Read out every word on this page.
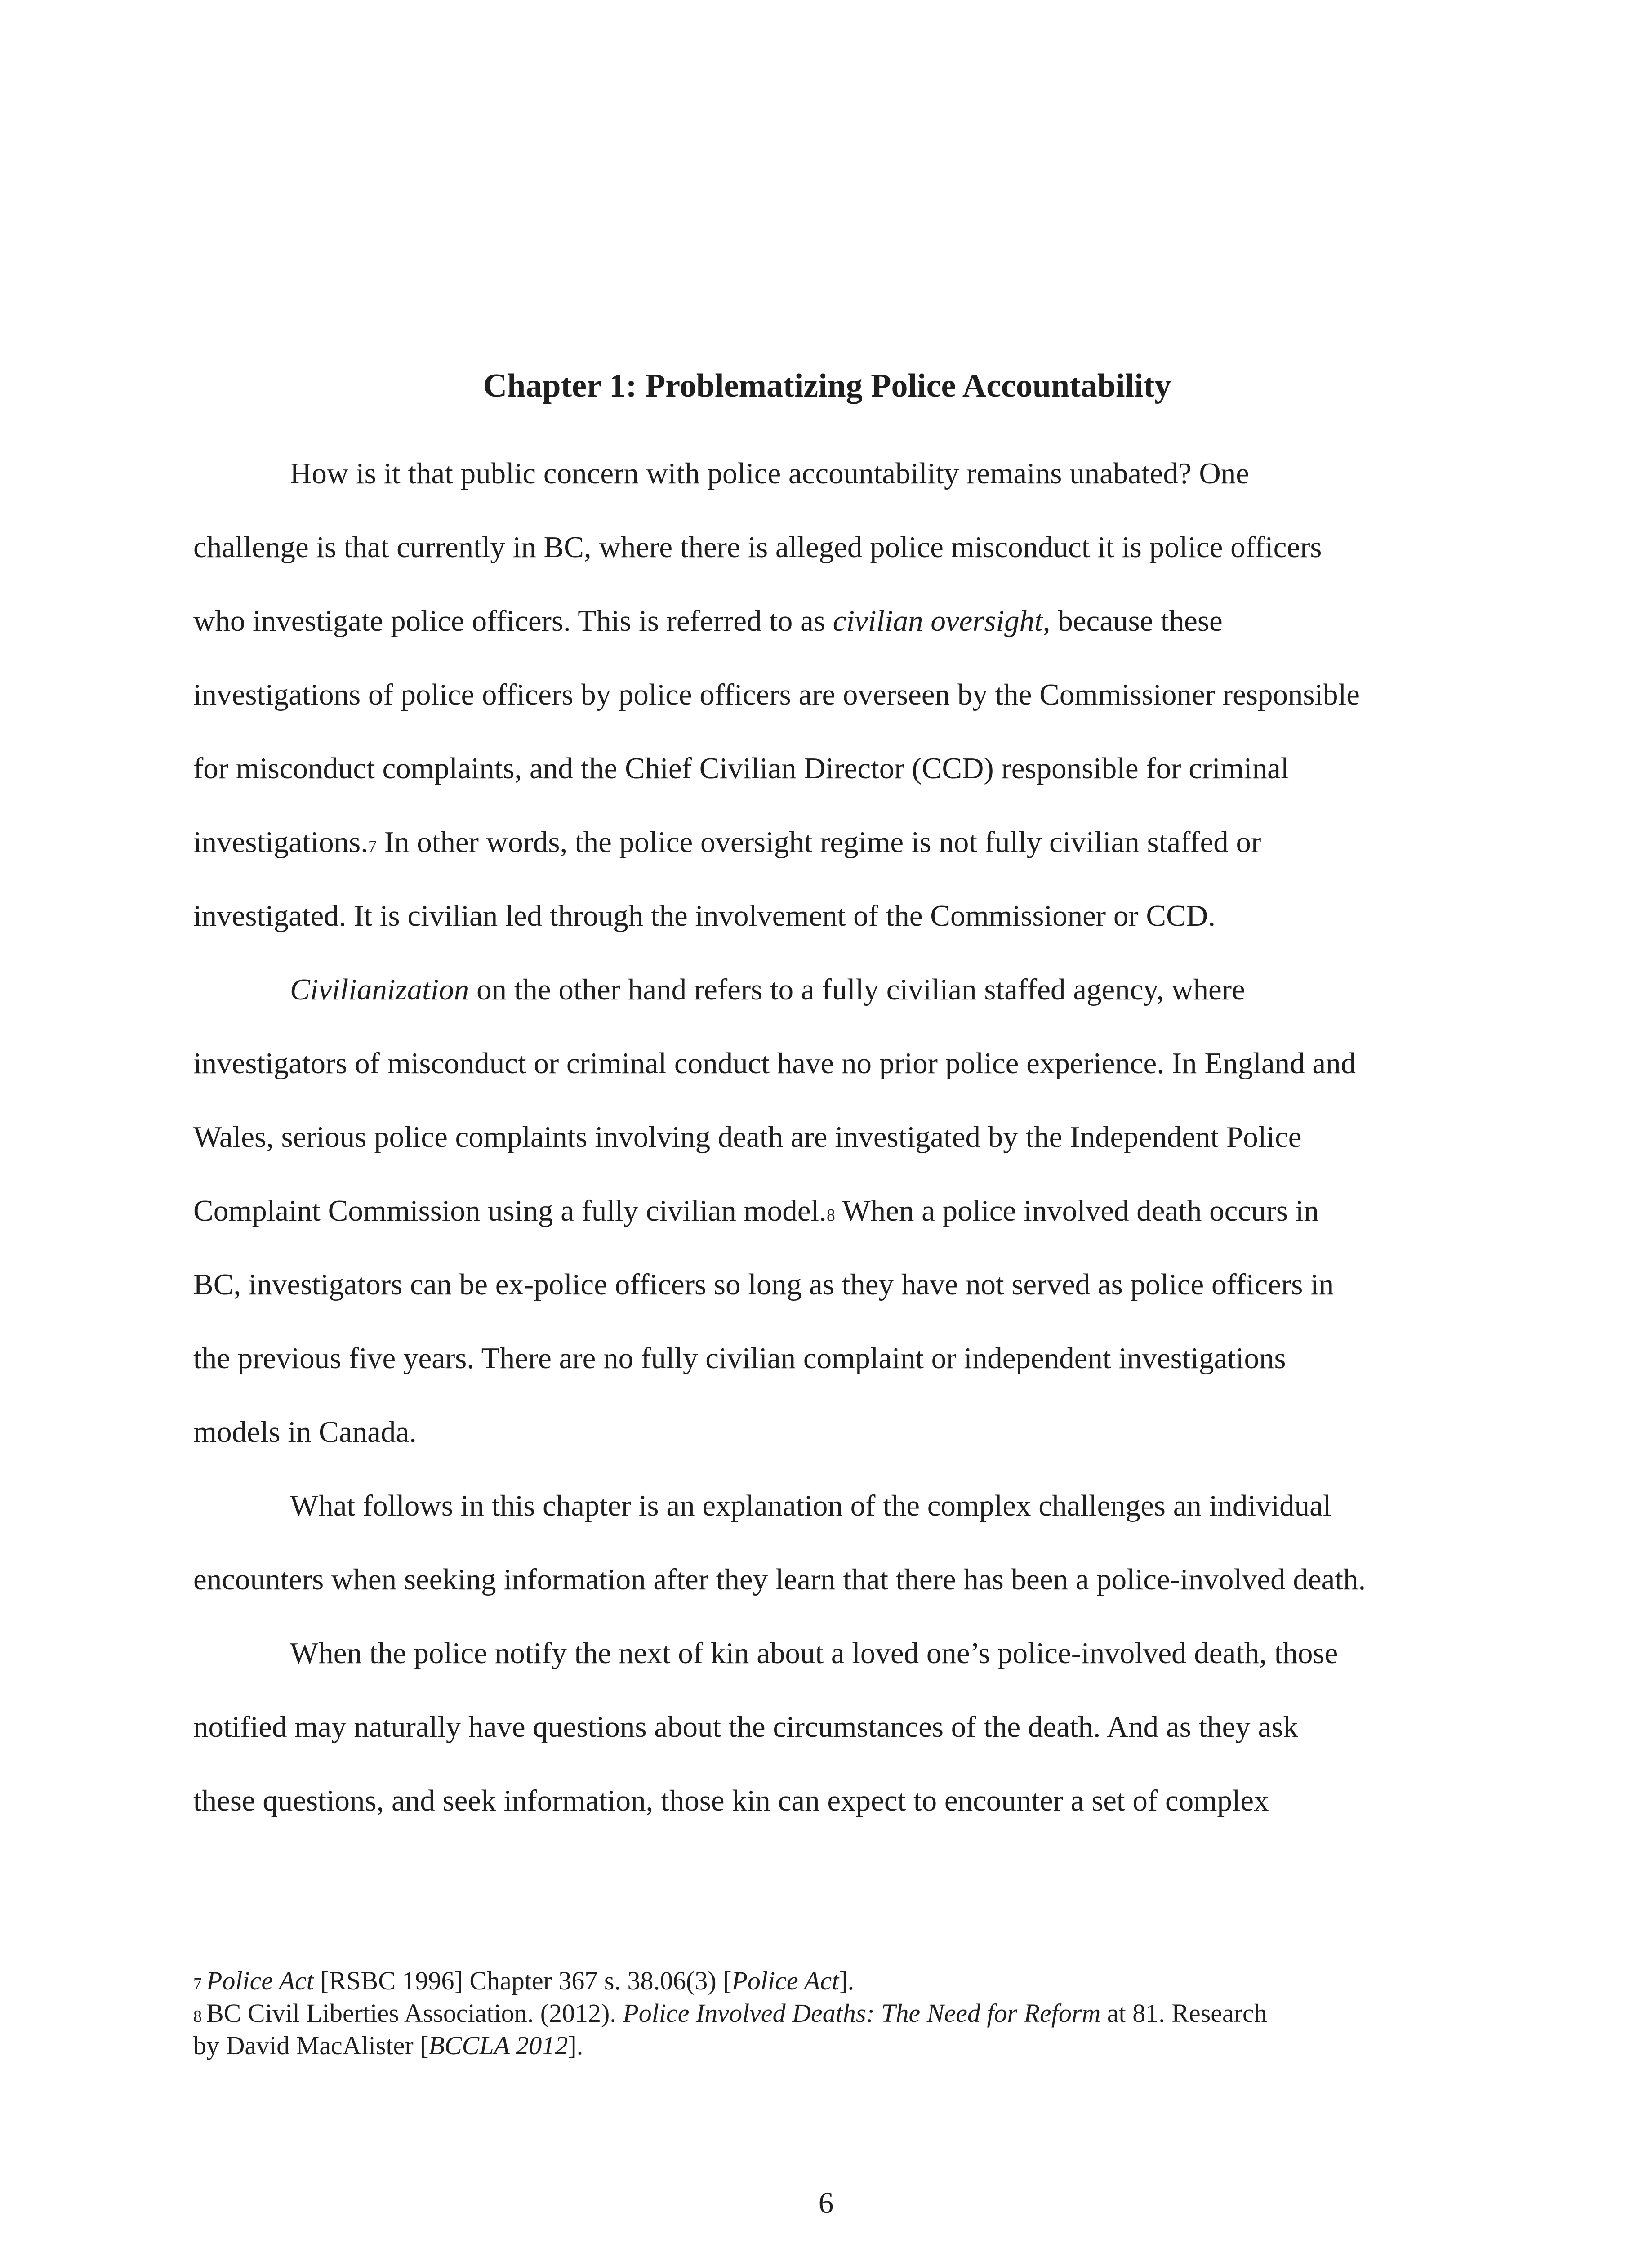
Chapter 1: Problematizing Police Accountability
How is it that public concern with police accountability remains unabated? One
challenge is that currently in BC, where there is alleged police misconduct it is police officers
who investigate police officers. This is referred to as civilian oversight, because these
investigations of police officers by police officers are overseen by the Commissioner responsible
for misconduct complaints, and the Chief Civilian Director (CCD) responsible for criminal
investigations.7 In other words, the police oversight regime is not fully civilian staffed or
investigated. It is civilian led through the involvement of the Commissioner or CCD.
Civilianization on the other hand refers to a fully civilian staffed agency, where
investigators of misconduct or criminal conduct have no prior police experience. In England and
Wales, serious police complaints involving death are investigated by the Independent Police
Complaint Commission using a fully civilian model.8 When a police involved death occurs in
BC, investigators can be ex-police officers so long as they have not served as police officers in
the previous five years. There are no fully civilian complaint or independent investigations
models in Canada.
What follows in this chapter is an explanation of the complex challenges an individual
encounters when seeking information after they learn that there has been a police-involved death.
When the police notify the next of kin about a loved one’s police-involved death, those
notified may naturally have questions about the circumstances of the death. And as they ask
these questions, and seek information, those kin can expect to encounter a set of complex
7 Police Act [RSBC 1996] Chapter 367 s. 38.06(3) [Police Act].
8 BC Civil Liberties Association. (2012). Police Involved Deaths: The Need for Reform at 81. Research
by David MacAlister [BCCLA 2012].
6
